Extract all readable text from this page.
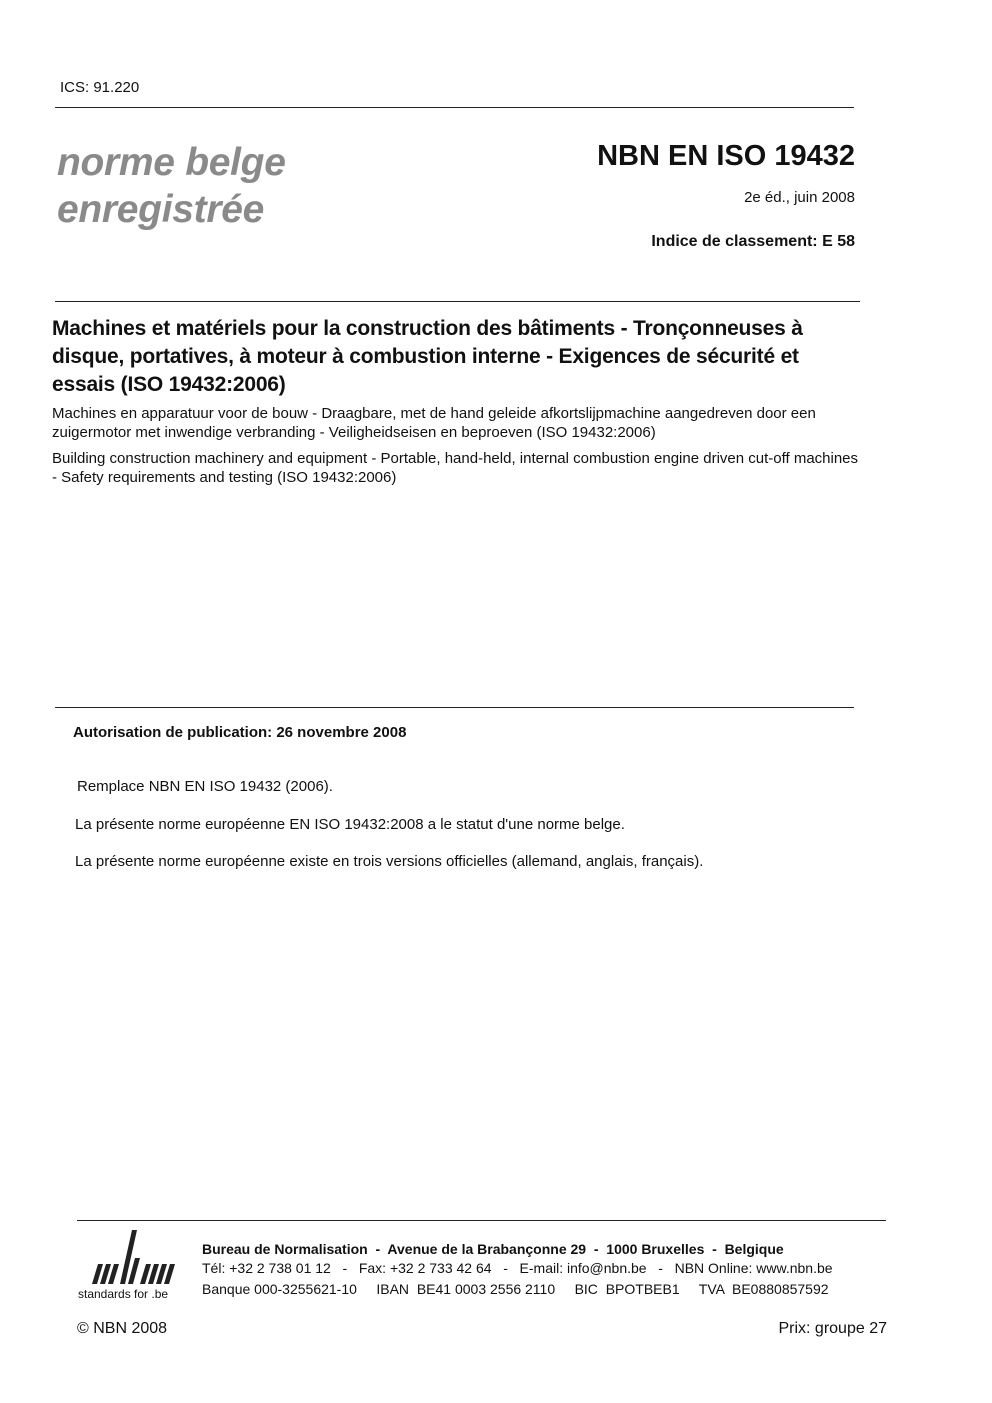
ICS: 91.220
norme belge
enregistrée
NBN EN ISO 19432
2e éd., juin 2008
Indice de classement: E 58
Machines et matériels pour la construction des bâtiments - Tronçonneuses à disque, portatives, à moteur à combustion interne - Exigences de sécurité et essais (ISO 19432:2006)
Machines en apparatuur voor de bouw - Draagbare, met de hand geleide afkortslijpmachine aangedreven door een zuigermotor met inwendige verbranding - Veiligheidseisen en beproeven (ISO 19432:2006)
Building construction machinery and equipment - Portable, hand-held, internal combustion engine driven cut-off machines - Safety requirements and testing (ISO 19432:2006)
Autorisation de publication: 26 novembre 2008
Remplace NBN EN ISO 19432 (2006).
La présente norme européenne EN ISO 19432:2008 a le statut d'une norme belge.
La présente norme européenne existe en trois versions officielles (allemand, anglais, français).
standards for .be
Bureau de Normalisation  -  Avenue de la Brabançonne 29  -  1000 Bruxelles  -  Belgique
Tél: +32 2 738 01 12   -   Fax: +32 2 733 42 64   -   E-mail: info@nbn.be   -   NBN Online: www.nbn.be
Banque 000-3255621-10     IBAN  BE41 0003 2556 2110     BIC  BPOTBEB1     TVA  BE0880857592
© NBN 2008	Prix: groupe 27
